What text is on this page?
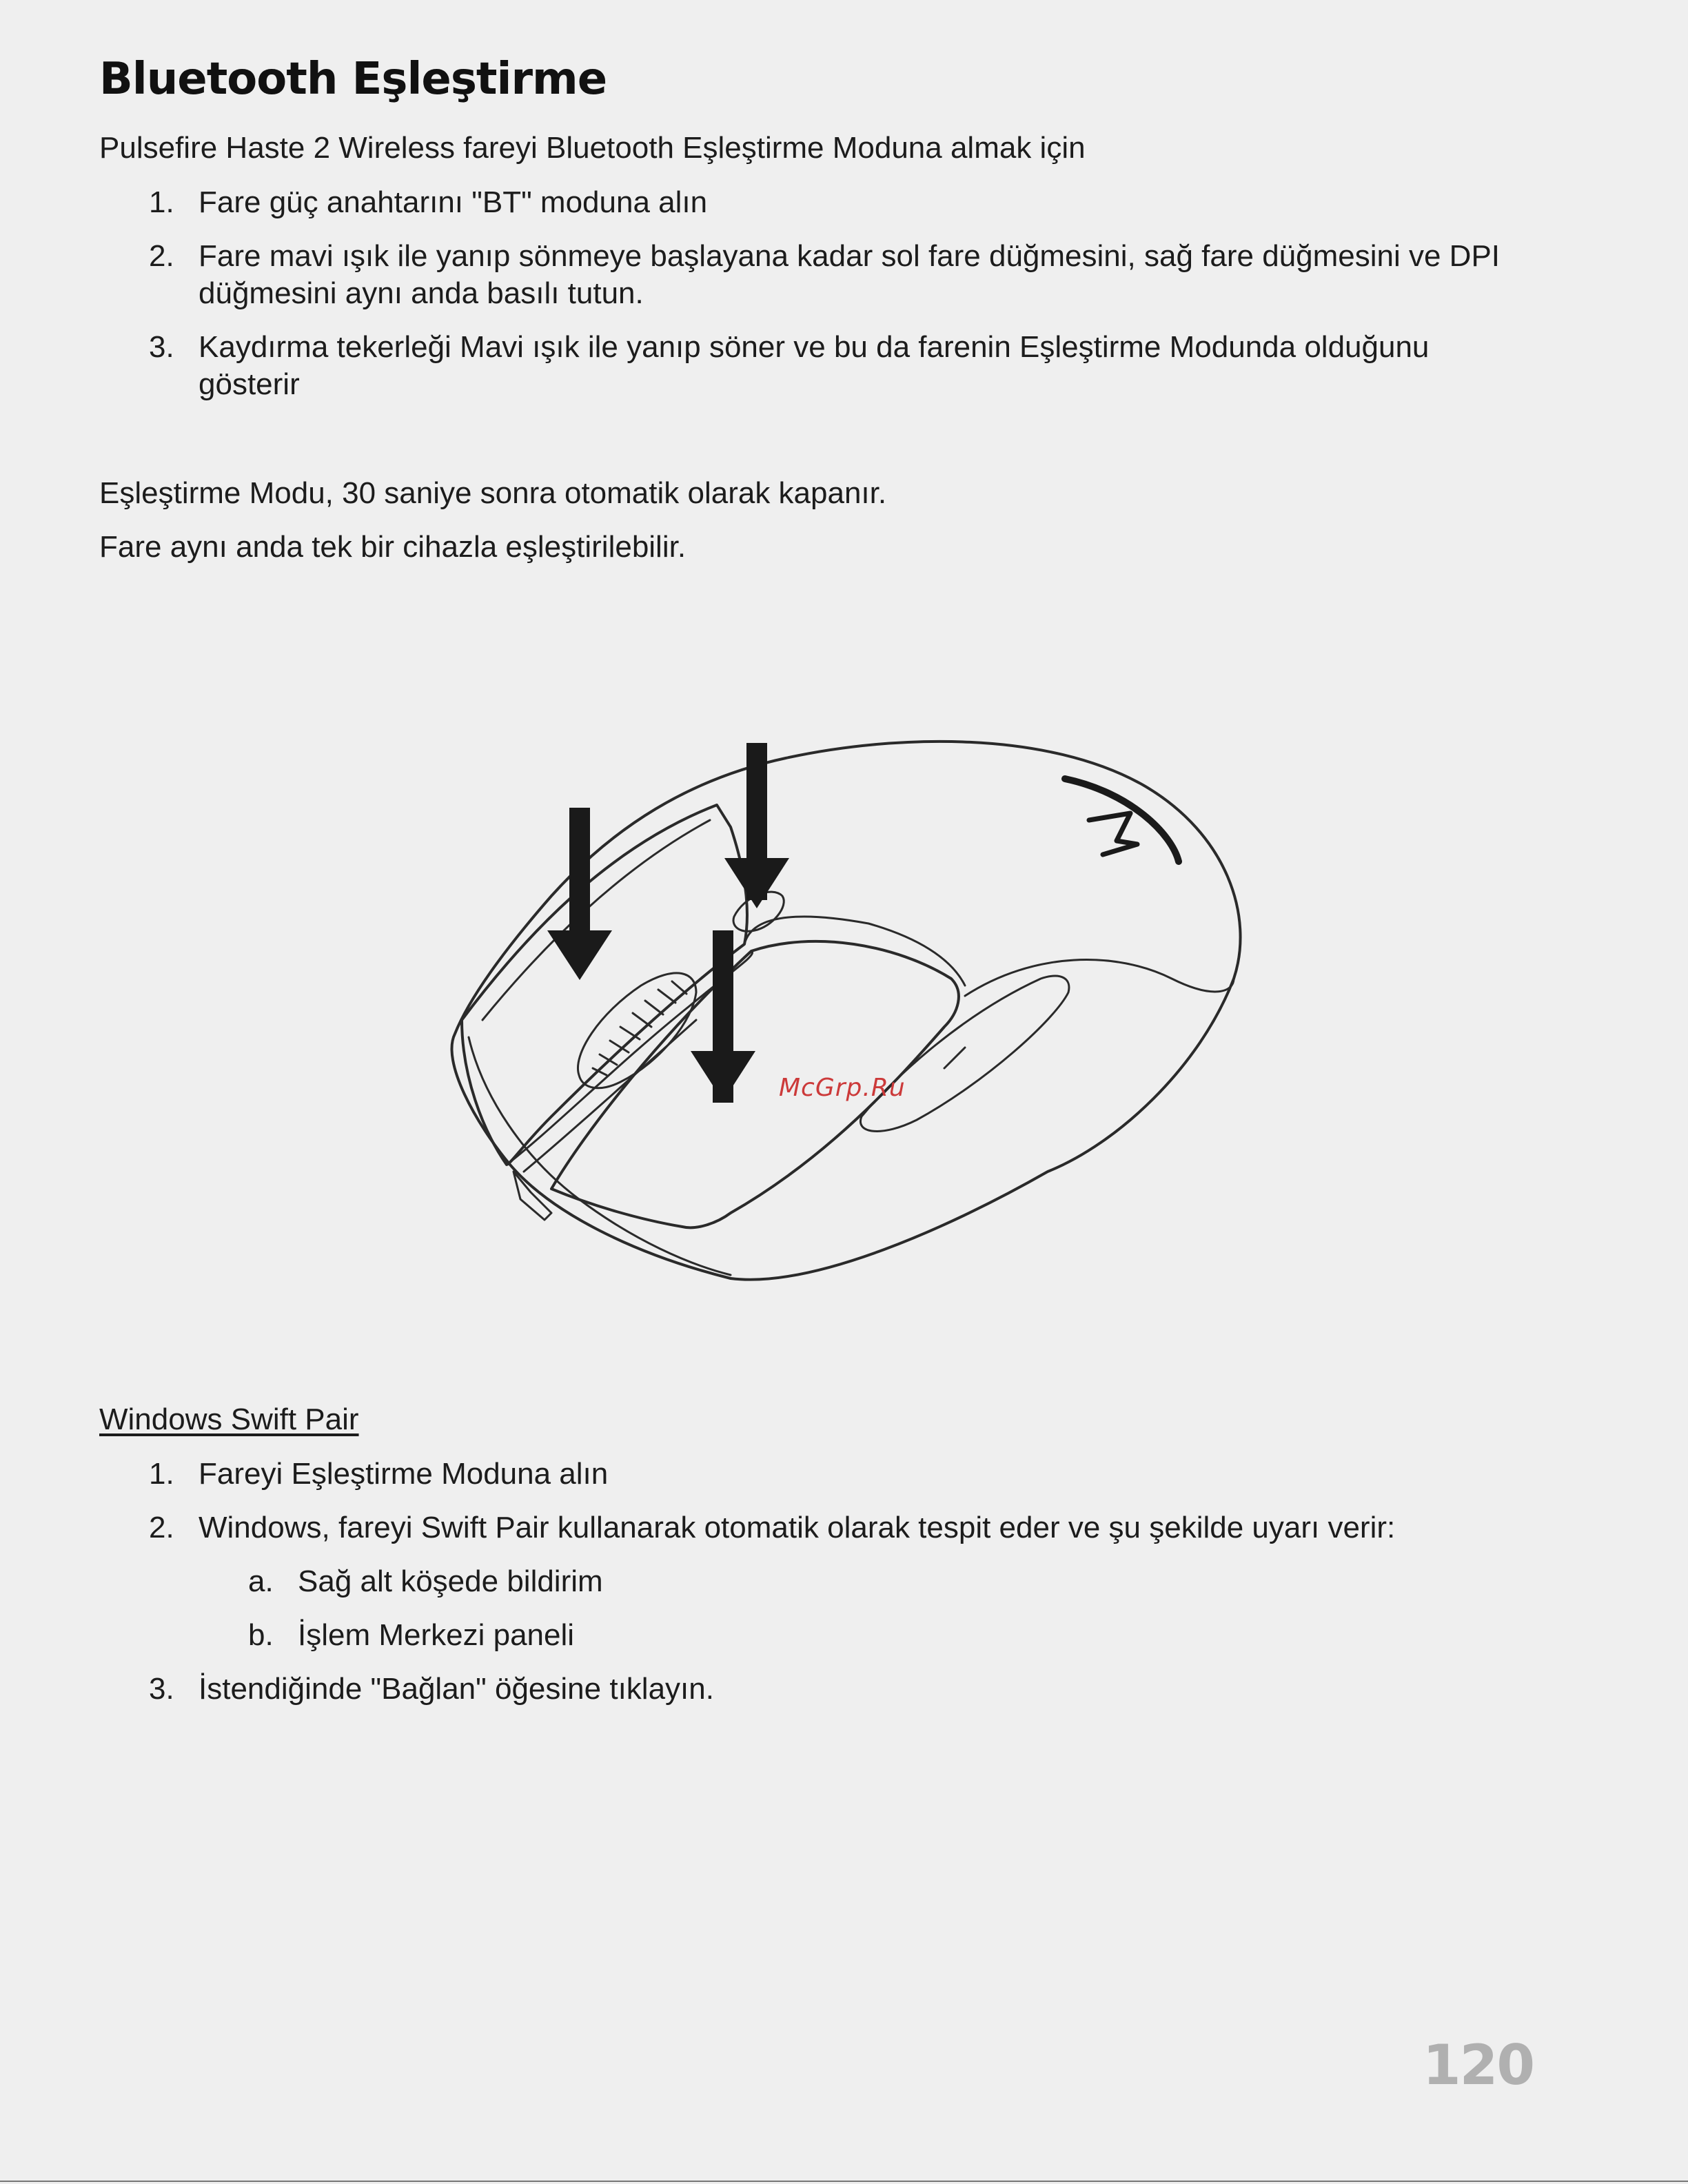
Bluetooth Eşleştirme

Pulsefire Haste 2 Wireless fareyi Bluetooth Eşleştirme Moduna almak için

1. Fare güç anahtarını "BT" moduna alın
2. Fare mavi ışık ile yanıp sönmeye başlayana kadar sol fare düğmesini, sağ fare düğmesini ve DPI
düğmesini aynı anda basılı tutun.
3. Kaydırma tekerleği Mavi ışık ile yanıp söner ve bu da farenin Eşleştirme Modunda olduğunu
gösterir

Eşleştirme Modu, 30 saniye sonra otomatik olarak kapanır.

Fare aynı anda tek bir cihazla eşleştirilebilir.

McGrp.Ru
Windows Swift Pair
1. Fareyi Eşleştirme Moduna alın
2. Windows, fareyi Swift Pair kullanarak otomatik olarak tespit eder ve şu şekilde uyarı verir:
a. Sağ alt köşede bildirim
b. İşlem Merkezi paneli
3. İstendiğinde "Bağlan" öğesine tıklayın.
120
